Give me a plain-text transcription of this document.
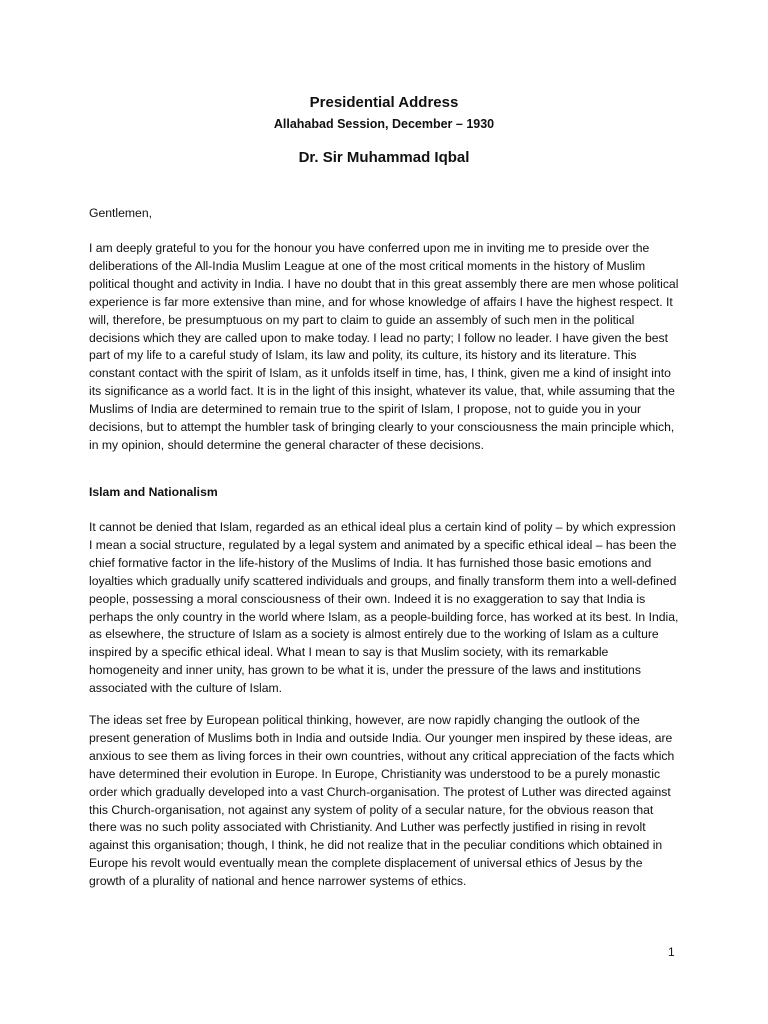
Presidential Address
Allahabad Session, December – 1930
Dr. Sir Muhammad Iqbal

Gentlemen,

I am deeply grateful to you for the honour you have conferred upon me in inviting me to preside over the deliberations of the All-India Muslim League at one of the most critical moments in the history of Muslim political thought and activity in India. I have no doubt that in this great assembly there are men whose political experience is far more extensive than mine, and for whose knowledge of affairs I have the highest respect. It will, therefore, be presumptuous on my part to claim to guide an assembly of such men in the political decisions which they are called upon to make today. I lead no party; I follow no leader. I have given the best part of my life to a careful study of Islam, its law and polity, its culture, its history and its literature. This constant contact with the spirit of Islam, as it unfolds itself in time, has, I think, given me a kind of insight into its significance as a world fact. It is in the light of this insight, whatever its value, that, while assuming that the Muslims of India are determined to remain true to the spirit of Islam, I propose, not to guide you in your decisions, but to attempt the humbler task of bringing clearly to your consciousness the main principle which, in my opinion, should determine the general character of these decisions.

Islam and Nationalism

It cannot be denied that Islam, regarded as an ethical ideal plus a certain kind of polity – by which expression I mean a social structure, regulated by a legal system and animated by a specific ethical ideal – has been the chief formative factor in the life-history of the Muslims of India. It has furnished those basic emotions and loyalties which gradually unify scattered individuals and groups, and finally transform them into a well-defined people, possessing a moral consciousness of their own. Indeed it is no exaggeration to say that India is perhaps the only country in the world where Islam, as a people-building force, has worked at its best. In India, as elsewhere, the structure of Islam as a society is almost entirely due to the working of Islam as a culture inspired by a specific ethical ideal. What I mean to say is that Muslim society, with its remarkable homogeneity and inner unity, has grown to be what it is, under the pressure of the laws and institutions associated with the culture of Islam.

The ideas set free by European political thinking, however, are now rapidly changing the outlook of the present generation of Muslims both in India and outside India. Our younger men inspired by these ideas, are anxious to see them as living forces in their own countries, without any critical appreciation of the facts which have determined their evolution in Europe. In Europe, Christianity was understood to be a purely monastic order which gradually developed into a vast Church-organisation. The protest of Luther was directed against this Church-organisation, not against any system of polity of a secular nature, for the obvious reason that there was no such polity associated with Christianity. And Luther was perfectly justified in rising in revolt against this organisation; though, I think, he did not realize that in the peculiar conditions which obtained in Europe his revolt would eventually mean the complete displacement of universal ethics of Jesus by the growth of a plurality of national and hence narrower systems of ethics.

1
